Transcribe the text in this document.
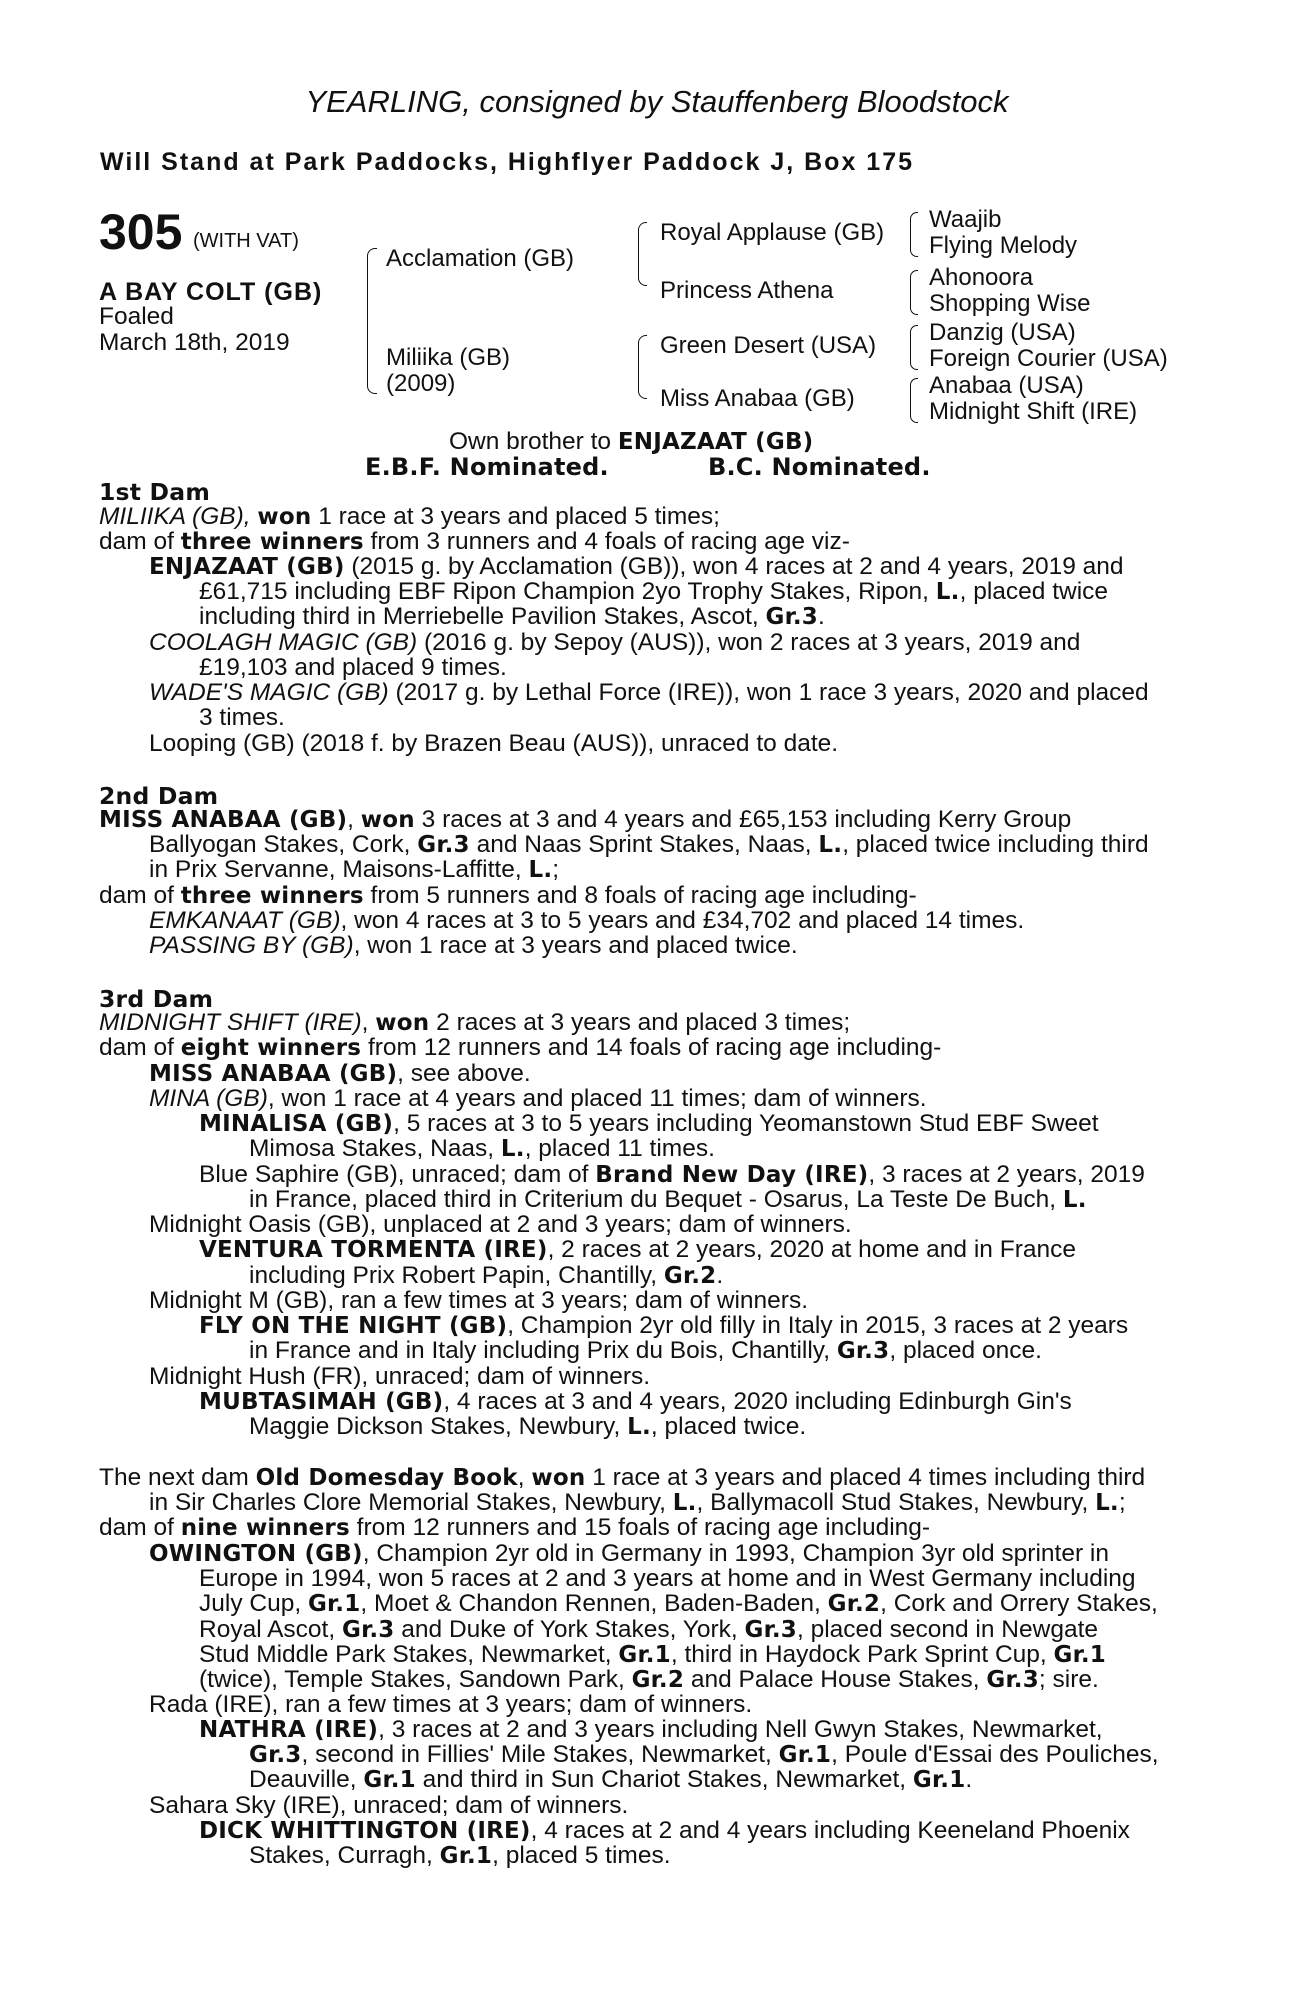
YEARLING, consigned by Stauffenberg Bloodstock
Will Stand at Park Paddocks, Highflyer Paddock J, Box 175
305 (WITH VAT)
A BAY COLT (GB)
Foaled
March 18th, 2019
Acclamation (GB)
Miliika (GB)
(2009)
Royal Applause (GB)
Princess Athena
Green Desert (USA)
Miss Anabaa (GB)
Waajib
Flying Melody
Ahonoora
Shopping Wise
Danzig (USA)
Foreign Courier (USA)
Anabaa (USA)
Midnight Shift (IRE)
Own brother to ENJAZAAT (GB)
E.B.F. Nominated.	B.C. Nominated.
1st Dam
MILIIKA (GB), won 1 race at 3 years and placed 5 times;
dam of three winners from 3 runners and 4 foals of racing age viz-
ENJAZAAT (GB) (2015 g. by Acclamation (GB)), won 4 races at 2 and 4 years, 2019 and
£61,715 including EBF Ripon Champion 2yo Trophy Stakes, Ripon, L., placed twice
including third in Merriebelle Pavilion Stakes, Ascot, Gr.3.
COOLAGH MAGIC (GB) (2016 g. by Sepoy (AUS)), won 2 races at 3 years, 2019 and
£19,103 and placed 9 times.
WADE'S MAGIC (GB) (2017 g. by Lethal Force (IRE)), won 1 race 3 years, 2020 and placed
3 times.
Looping (GB) (2018 f. by Brazen Beau (AUS)), unraced to date.
2nd Dam
MISS ANABAA (GB), won 3 races at 3 and 4 years and £65,153 including Kerry Group
Ballyogan Stakes, Cork, Gr.3 and Naas Sprint Stakes, Naas, L., placed twice including third
in Prix Servanne, Maisons-Laffitte, L.;
dam of three winners from 5 runners and 8 foals of racing age including-
EMKANAAT (GB), won 4 races at 3 to 5 years and £34,702 and placed 14 times.
PASSING BY (GB), won 1 race at 3 years and placed twice.
3rd Dam
MIDNIGHT SHIFT (IRE), won 2 races at 3 years and placed 3 times;
dam of eight winners from 12 runners and 14 foals of racing age including-
MISS ANABAA (GB), see above.
MINA (GB), won 1 race at 4 years and placed 11 times; dam of winners.
MINALISA (GB), 5 races at 3 to 5 years including Yeomanstown Stud EBF Sweet
Mimosa Stakes, Naas, L., placed 11 times.
Blue Saphire (GB), unraced; dam of Brand New Day (IRE), 3 races at 2 years, 2019
in France, placed third in Criterium du Bequet - Osarus, La Teste De Buch, L.
Midnight Oasis (GB), unplaced at 2 and 3 years; dam of winners.
VENTURA TORMENTA (IRE), 2 races at 2 years, 2020 at home and in France
including Prix Robert Papin, Chantilly, Gr.2.
Midnight M (GB), ran a few times at 3 years; dam of winners.
FLY ON THE NIGHT (GB), Champion 2yr old filly in Italy in 2015, 3 races at 2 years
in France and in Italy including Prix du Bois, Chantilly, Gr.3, placed once.
Midnight Hush (FR), unraced; dam of winners.
MUBTASIMAH (GB), 4 races at 3 and 4 years, 2020 including Edinburgh Gin's
Maggie Dickson Stakes, Newbury, L., placed twice.
The next dam Old Domesday Book, won 1 race at 3 years and placed 4 times including third
in Sir Charles Clore Memorial Stakes, Newbury, L., Ballymacoll Stud Stakes, Newbury, L.;
dam of nine winners from 12 runners and 15 foals of racing age including-
OWINGTON (GB), Champion 2yr old in Germany in 1993, Champion 3yr old sprinter in
Europe in 1994, won 5 races at 2 and 3 years at home and in West Germany including
July Cup, Gr.1, Moet & Chandon Rennen, Baden-Baden, Gr.2, Cork and Orrery Stakes,
Royal Ascot, Gr.3 and Duke of York Stakes, York, Gr.3, placed second in Newgate
Stud Middle Park Stakes, Newmarket, Gr.1, third in Haydock Park Sprint Cup, Gr.1
(twice), Temple Stakes, Sandown Park, Gr.2 and Palace House Stakes, Gr.3; sire.
Rada (IRE), ran a few times at 3 years; dam of winners.
NATHRA (IRE), 3 races at 2 and 3 years including Nell Gwyn Stakes, Newmarket,
Gr.3, second in Fillies' Mile Stakes, Newmarket, Gr.1, Poule d'Essai des Pouliches,
Deauville, Gr.1 and third in Sun Chariot Stakes, Newmarket, Gr.1.
Sahara Sky (IRE), unraced; dam of winners.
DICK WHITTINGTON (IRE), 4 races at 2 and 4 years including Keeneland Phoenix
Stakes, Curragh, Gr.1, placed 5 times.
